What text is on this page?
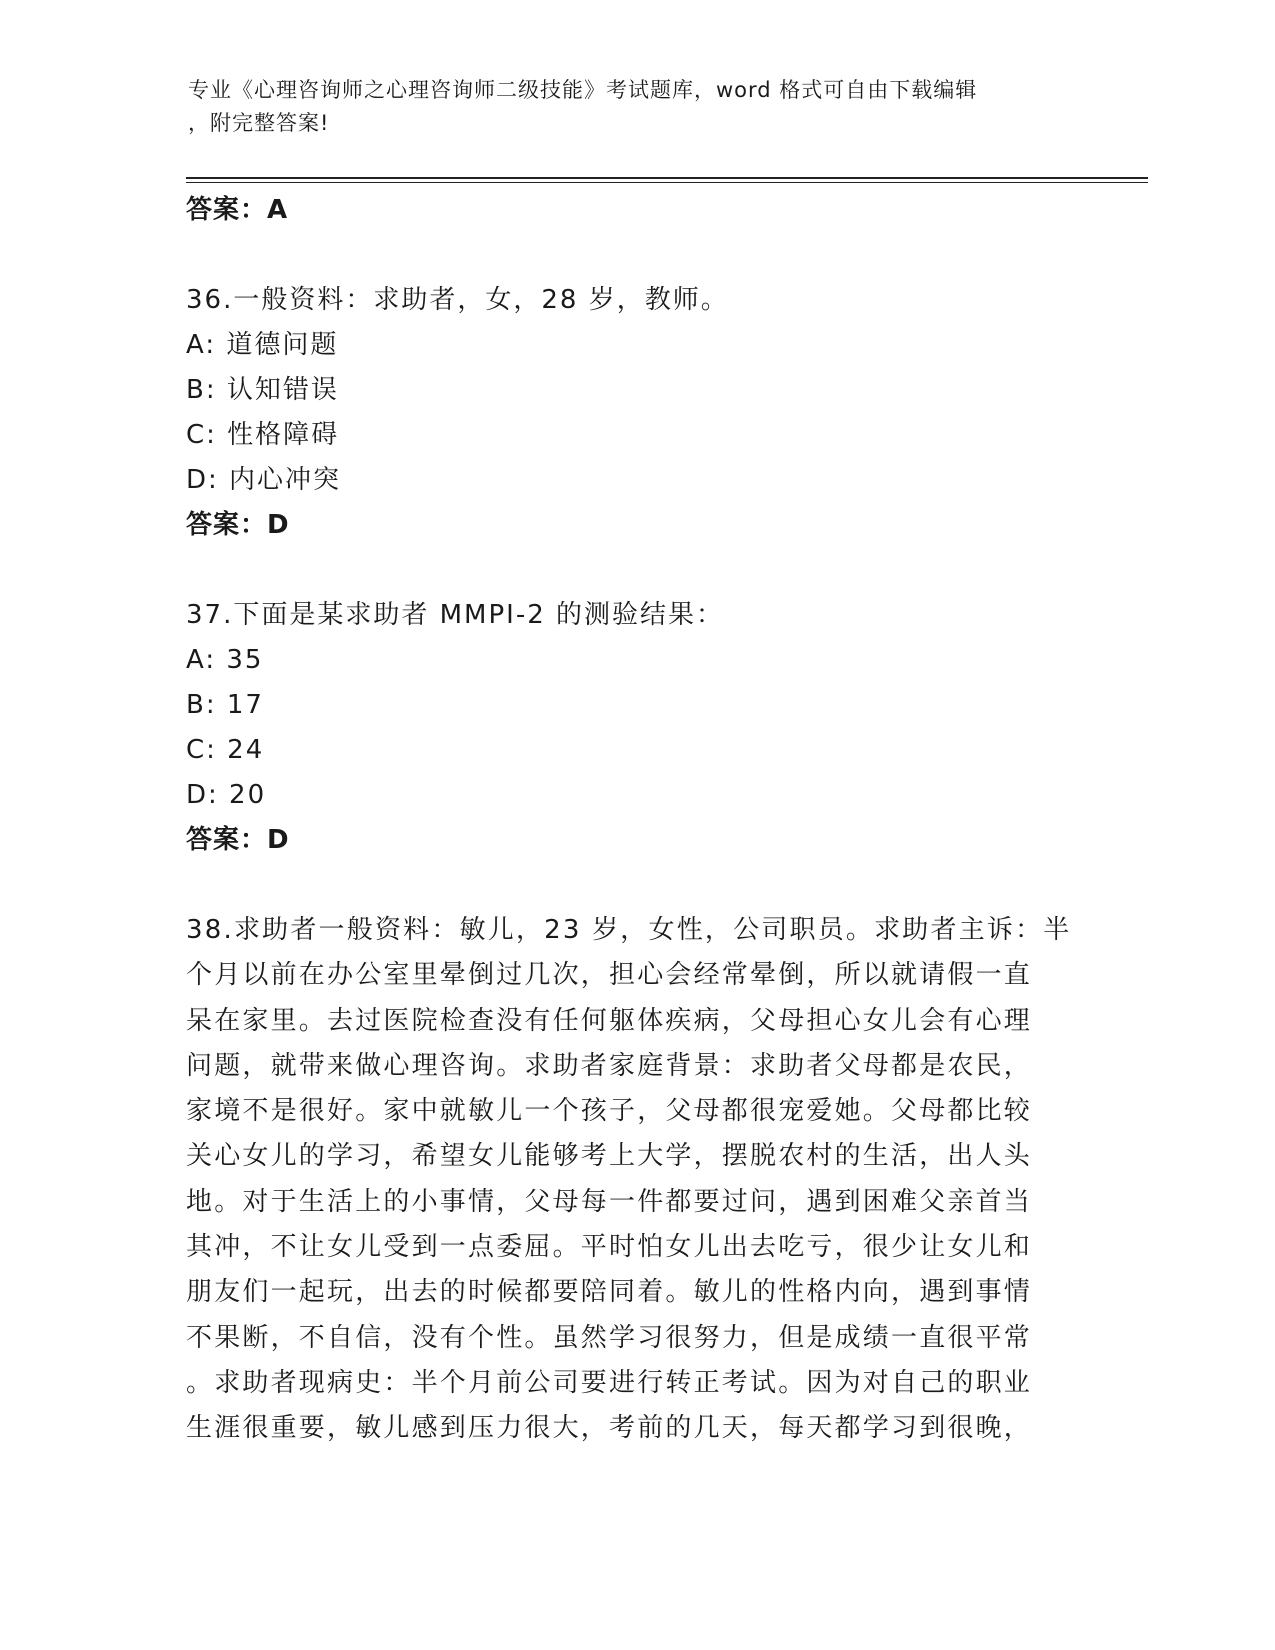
专业《心理咨询师之心理咨询师二级技能》考试题库，word 格式可自由下载编辑
，附完整答案!
答案：A
36.一般资料：求助者，女，28 岁，教师。
A: 道德问题
B: 认知错误
C: 性格障碍
D: 内心冲突
答案：D
37.下面是某求助者 MMPI-2 的测验结果：
A: 35
B: 17
C: 24
D: 20
答案：D
38.求助者一般资料：敏儿，23 岁，女性，公司职员。求助者主诉：半
个月以前在办公室里晕倒过几次，担心会经常晕倒，所以就请假一直
呆在家里。去过医院检查没有任何躯体疾病，父母担心女儿会有心理
问题，就带来做心理咨询。求助者家庭背景：求助者父母都是农民，
家境不是很好。家中就敏儿一个孩子，父母都很宠爱她。父母都比较
关心女儿的学习，希望女儿能够考上大学，摆脱农村的生活，出人头
地。对于生活上的小事情，父母每一件都要过问，遇到困难父亲首当
其冲，不让女儿受到一点委屈。平时怕女儿出去吃亏，很少让女儿和
朋友们一起玩，出去的时候都要陪同着。敏儿的性格内向，遇到事情
不果断，不自信，没有个性。虽然学习很努力，但是成绩一直很平常
。求助者现病史：半个月前公司要进行转正考试。因为对自己的职业
生涯很重要，敏儿感到压力很大，考前的几天，每天都学习到很晚，
